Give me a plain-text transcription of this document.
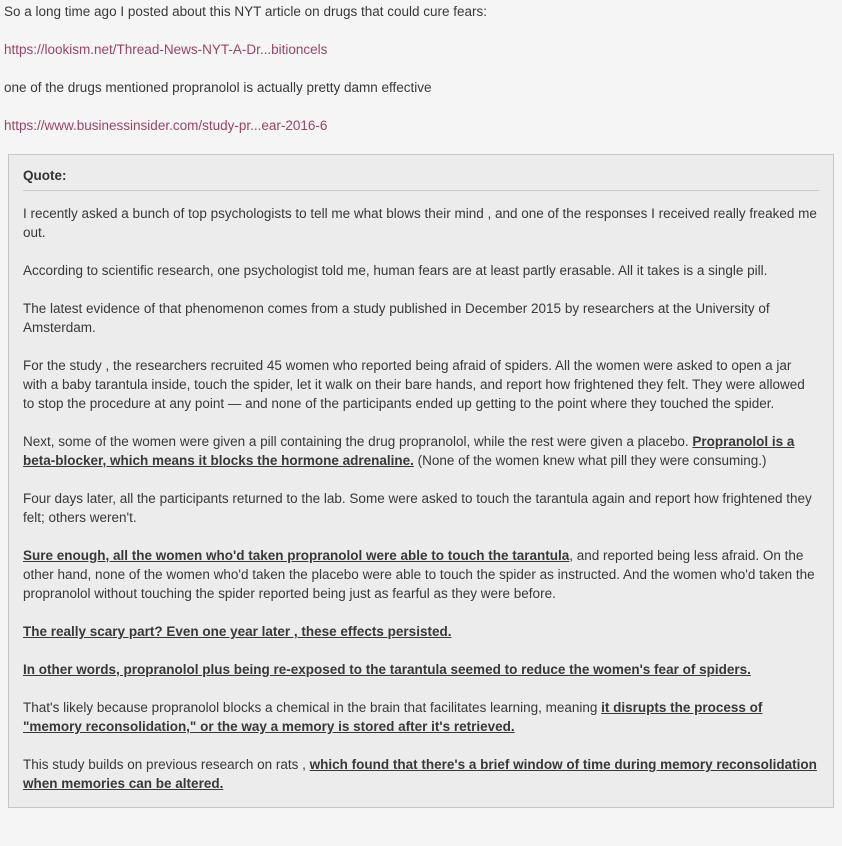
So a long time ago I posted about this NYT article on drugs that could cure fears:

https://lookism.net/Thread-News-NYT-A-Dr...bitioncels

one of the drugs mentioned propranolol is actually pretty damn effective

https://www.businessinsider.com/study-pr...ear-2016-6

Quote:

I recently asked a bunch of top psychologists to tell me what blows their mind , and one of the responses I received really freaked me out.

According to scientific research, one psychologist told me, human fears are at least partly erasable. All it takes is a single pill.

The latest evidence of that phenomenon comes from a study published in December 2015 by researchers at the University of Amsterdam.

For the study , the researchers recruited 45 women who reported being afraid of spiders. All the women were asked to open a jar with a baby tarantula inside, touch the spider, let it walk on their bare hands, and report how frightened they felt. They were allowed to stop the procedure at any point — and none of the participants ended up getting to the point where they touched the spider.

Next, some of the women were given a pill containing the drug propranolol, while the rest were given a placebo. Propranolol is a beta-blocker, which means it blocks the hormone adrenaline. (None of the women knew what pill they were consuming.)

Four days later, all the participants returned to the lab. Some were asked to touch the tarantula again and report how frightened they felt; others weren't.

Sure enough, all the women who'd taken propranolol were able to touch the tarantula, and reported being less afraid. On the other hand, none of the women who'd taken the placebo were able to touch the spider as instructed. And the women who'd taken the propranolol without touching the spider reported being just as fearful as they were before.

The really scary part? Even one year later , these effects persisted.

In other words, propranolol plus being re-exposed to the tarantula seemed to reduce the women's fear of spiders.

That's likely because propranolol blocks a chemical in the brain that facilitates learning, meaning it disrupts the process of "memory reconsolidation," or the way a memory is stored after it's retrieved.

This study builds on previous research on rats , which found that there's a brief window of time during memory reconsolidation when memories can be altered.
